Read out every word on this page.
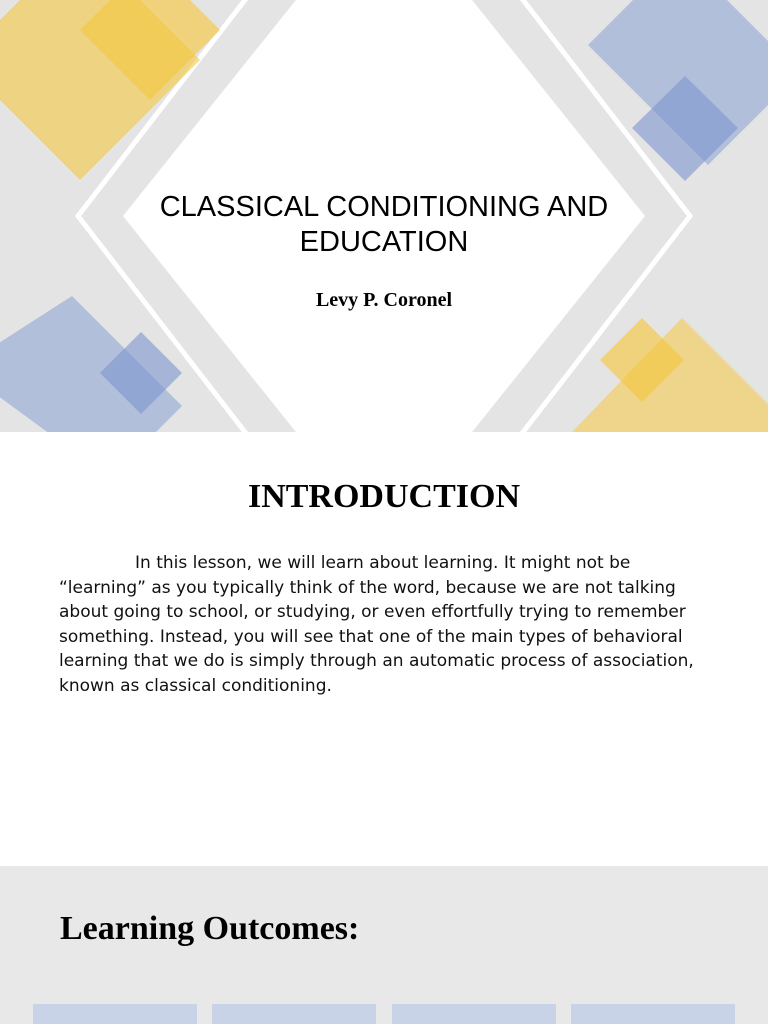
CLASSICAL CONDITIONING AND EDUCATION

Levy P. Coronel

INTRODUCTION

In this lesson, we will learn about learning. It might not be “learning” as you typically think of the word, because we are not talking about going to school, or studying, or even effortfully trying to remember something. Instead, you will see that one of the main types of behavioral learning that we do is simply through an automatic process of association, known as classical conditioning.

Learning Outcomes:
